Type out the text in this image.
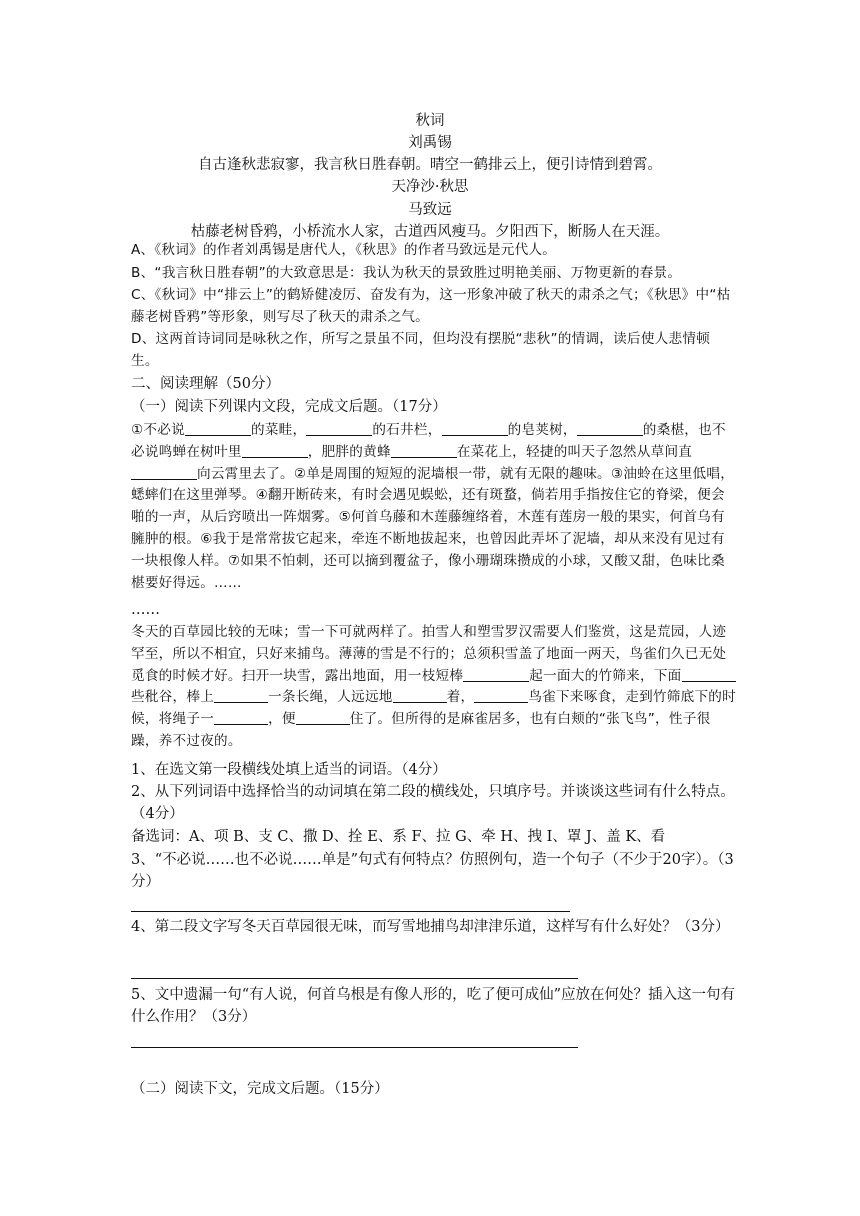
秋词
刘禹锡
自古逢秋悲寂寥，我言秋日胜春朝。晴空一鹤排云上，便引诗情到碧霄。
天净沙·秋思
马致远
枯藤老树昏鸦，小桥流水人家，古道西风瘦马。夕阳西下，断肠人在天涯。
A、《秋词》的作者刘禹锡是唐代人，《秋思》的作者马致远是元代人。
B、“我言秋日胜春朝”的大致意思是：我认为秋天的景致胜过明艳美丽、万物更新的春景。
C、《秋词》中“排云上”的鹤矫健凌厉、奋发有为，这一形象冲破了秋天的肃杀之气；《秋思》中“枯藤老树昏鸦”等形象，则写尽了秋天的肃杀之气。
D、这两首诗词同是咏秋之作，所写之景虽不同，但均没有摆脱“悲秋”的情调，读后使人悲情顿生。
二、阅读理解（50分）
（一）阅读下列课内文段，完成文后题。（17分）
①不必说	的菜畦，	的石井栏，	的皂荚树，	的桑椹，也不必说鸣蝉在树叶里	，肥胖的黄蜂	在菜花上，轻捷的叫天子忽然从草间直向云霄里去了。②单是周围的短短的泥墙根一带，就有无限的趣味。③油蛉在这里低唱，蟋蟀们在这里弹琴。④翻开断砖来，有时会遇见蜈蚣，还有斑蝥，倘若用手指按住它的脊梁，便会啪的一声，从后窍喷出一阵烟雾。⑤何首乌藤和木莲藤缠络着，木莲有莲房一般的果实，何首乌有臃肿的根。⑥我于是常常拔它起来，牵连不断地拔起来，也曾因此弄坏了泥墙，却从来没有见过有一块根像人样。⑦如果不怕刺，还可以摘到覆盆子，像小珊瑚珠攒成的小球，又酸又甜，色味比桑椹要好得远。……
……
冬天的百草园比较的无味；雪一下可就两样了。拍雪人和塑雪罗汉需要人们鉴赏，这是荒园，人迹罕至，所以不相宜，只好来捕鸟。薄薄的雪是不行的；总须积雪盖了地面一两天，鸟雀们久已无处觅食的时候才好。扫开一块雪，露出地面，用一枝短棒	起一面大的竹筛来，下面些秕谷，棒上	一条长绳，人远远地	着，	鸟雀下来啄食，走到竹筛底下的时候，将绳子一	，便	住了。但所得的是麻雀居多，也有白颊的“张飞鸟”，性子很躁，养不过夜的。
1、在选文第一段横线处填上适当的词语。（4分）
2、从下列词语中选择恰当的动词填在第二段的横线处，只填序号。并谈谈这些词有什么特点。（4分）
备选词：A、项 B、支 C、撒 D、拴 E、系 F、拉 G、牵 H、拽 I、罩 J、盖 K、看
3、“不必说……也不必说……单是”句式有何特点？仿照例句，造一个句子（不少于20字）。（3分）
4、第二段文字写冬天百草园很无味，而写雪地捕鸟却津津乐道，这样写有什么好处？（3分）
5、文中遗漏一句“有人说，何首乌根是有像人形的，吃了便可成仙”应放在何处？插入这一句有什么作用？（3分）
（二）阅读下文，完成文后题。（15分）
